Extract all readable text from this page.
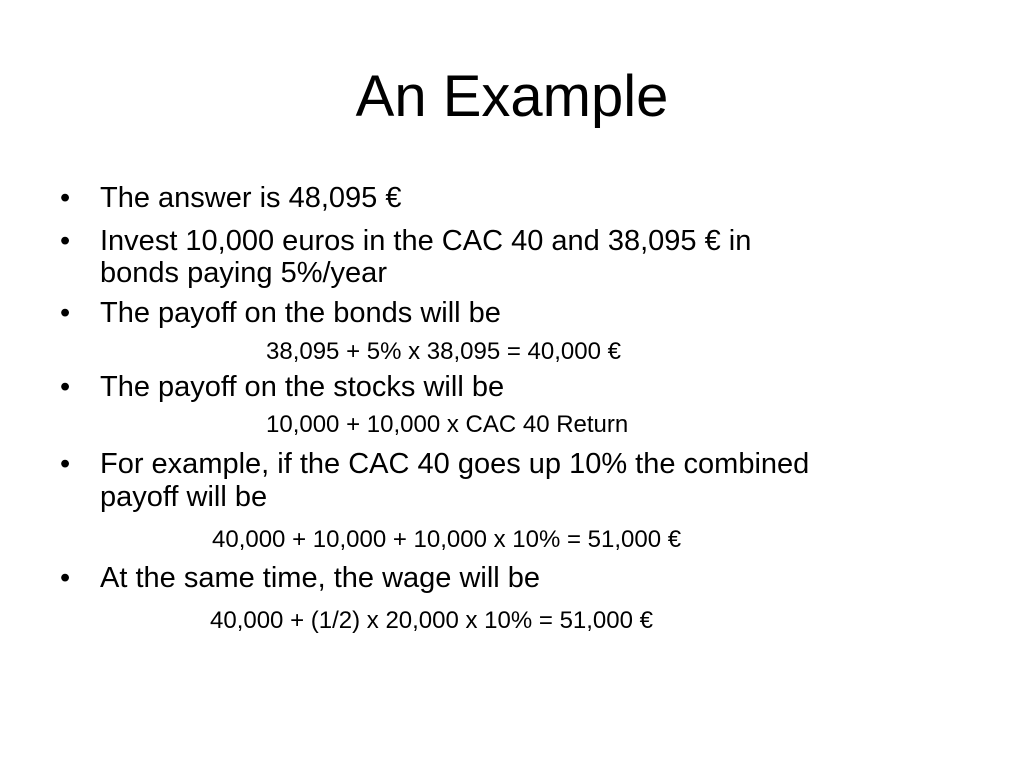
An Example
• The answer is 48,095 €
• Invest 10,000 euros in the CAC 40 and 38,095 € in
bonds paying 5%/year
• The payoff on the bonds will be
38,095 + 5% x 38,095 = 40,000 €
• The payoff on the stocks will be
10,000 + 10,000 x CAC 40 Return
• For example, if the CAC 40 goes up 10% the combined
payoff will be
40,000 + 10,000 + 10,000 x 10% = 51,000 €
• At the same time, the wage will be
40,000 + (1/2) x 20,000 x 10% = 51,000 €
